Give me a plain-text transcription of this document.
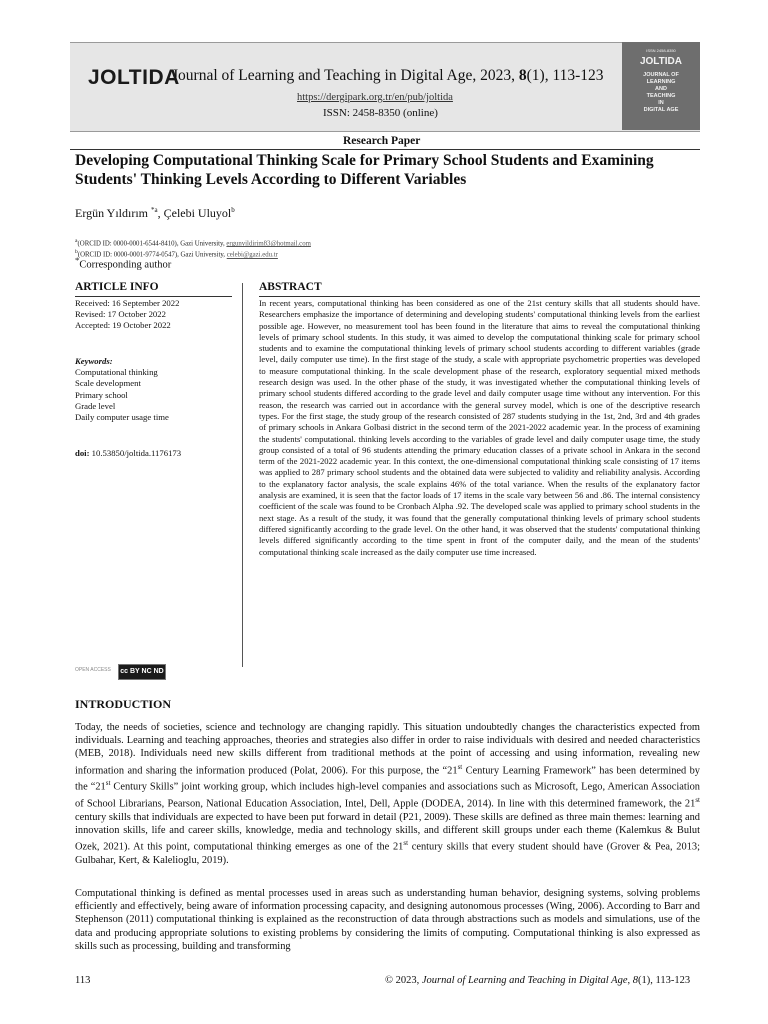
JOLTIDA
Journal of Learning and Teaching in Digital Age, 2023, 8(1), 113-123
https://dergipark.org.tr/en/pub/joltida
ISSN: 2458-8350 (online)
ISSN 2458-8350
JOLTIDA
JOURNAL OF
LEARNING
AND
TEACHING
IN
DIGITAL AGE
Research Paper
Developing Computational Thinking Scale for Primary School Students and Examining Students' Thinking Levels According to Different Variables
Ergün Yıldırım $^{*a}$, Çelebi Uluyol$^b$
$^a$(ORCID ID: 0000-0001-6544-8410), Gazi University, ergunyildirim83@hotmail.com
$^b$(ORCID ID: 0000-0001-9774-0547), Gazi University, celebi@gazi.edu.tr
*Corresponding author
ARTICLE INFO
Received: 16 September 2022
Revised: 17 October 2022
Accepted: 19 October 2022
Keywords:
Computational thinking
Scale development
Primary school
Grade level
Daily computer usage time
doi: 10.53850/joltida.1176173
ABSTRACT
In recent years, computational thinking has been considered as one of the 21st century skills that all students should have. Researchers emphasize the importance of determining and developing students' computational thinking levels from the earliest possible age. However, no measurement tool has been found in the literature that aims to reveal the computational thinking levels of primary school students. In this study, it was aimed to develop the computational thinking scale for primary school students and to examine the computational thinking levels of primary school students according to different variables (grade level, daily computer use time). In the first stage of the study, a scale with appropriate psychometric properties was developed to measure computational thinking. In the scale development phase of the research, exploratory sequential mixed methods research design was used. In the other phase of the study, it was investigated whether the computational thinking levels of primary school students differed according to the grade level and daily computer usage time without any intervention. For this reason, the research was carried out in accordance with the general survey model, which is one of the descriptive research types. For the first stage, the study group of the research consisted of 287 students studying in the 1st, 2nd, 3rd and 4th grades of primary schools in Ankara Golbasi district in the second term of the 2021-2022 academic year. In the process of examining the students' computational. thinking levels according to the variables of grade level and daily computer usage time, the study group consisted of a total of 96 students attending the primary education classes of a private school in Ankara in the second term of the 2021-2022 academic year. In this context, the one-dimensional computational thinking scale consisting of 17 items was applied to 287 primary school students and the obtained data were subjected to validity and reliability analysis. According to the explanatory factor analysis, the scale explains 46% of the total variance. When the results of the explanatory factor analysis are examined, it is seen that the factor loads of 17 items in the scale vary between 56 and .86. The internal consistency coefficient of the scale was found to be Cronbach Alpha .92. The developed scale was applied to primary school students in the next stage. As a result of the study, it was found that the generally computational thinking levels of primary school students differed significantly according to the grade level. On the other hand, it was observed that the students' computational thinking levels differed significantly according to the time spent in front of the computer daily, and the mean of the students' computational thinking scale increased as the daily computer use time increased.
OPEN ACCESS	cc BY NC ND
INTRODUCTION

Today, the needs of societies, science and technology are changing rapidly. This situation undoubtedly changes the characteristics expected from individuals. Learning and teaching approaches, theories and strategies also differ in order to raise individuals with desired and needed characteristics (MEB, 2018). Individuals need new skills different from traditional methods at the point of accessing and using information, revealing new information and sharing the information produced (Polat, 2006). For this purpose, the “21st Century Learning Framework” has been determined by the “21st Century Skills” joint working group, which includes high-level companies and associations such as Microsoft, Lego, American Association of School Librarians, Pearson, National Education Association, Intel, Dell, Apple (DODEA, 2014). In line with this determined framework, the 21st century skills that individuals are expected to have been put forward in detail (P21, 2009). These skills are defined as three main themes: learning and innovation skills, life and career skills, knowledge, media and technology skills, and different skill groups under each theme (Kalemkus & Bulut Ozek, 2021). At this point, computational thinking emerges as one of the 21st century skills that every student should have (Grover & Pea, 2013; Gulbahar, Kert, & Kalelioglu, 2019).

Computational thinking is defined as mental processes used in areas such as understanding human behavior, designing systems, solving problems efficiently and effectively, being aware of information processing capacity, and designing autonomous processes (Wing, 2006). According to Barr and Stephenson (2011) computational thinking is explained as the reconstruction of data through abstractions such as models and simulations, use of the data and producing appropriate solutions to existing problems by considering the limits of computing. Computational thinking is also expressed as skills such as processing, building and transforming

113	© 2023, Journal of Learning and Teaching in Digital Age, 8(1), 113-123
